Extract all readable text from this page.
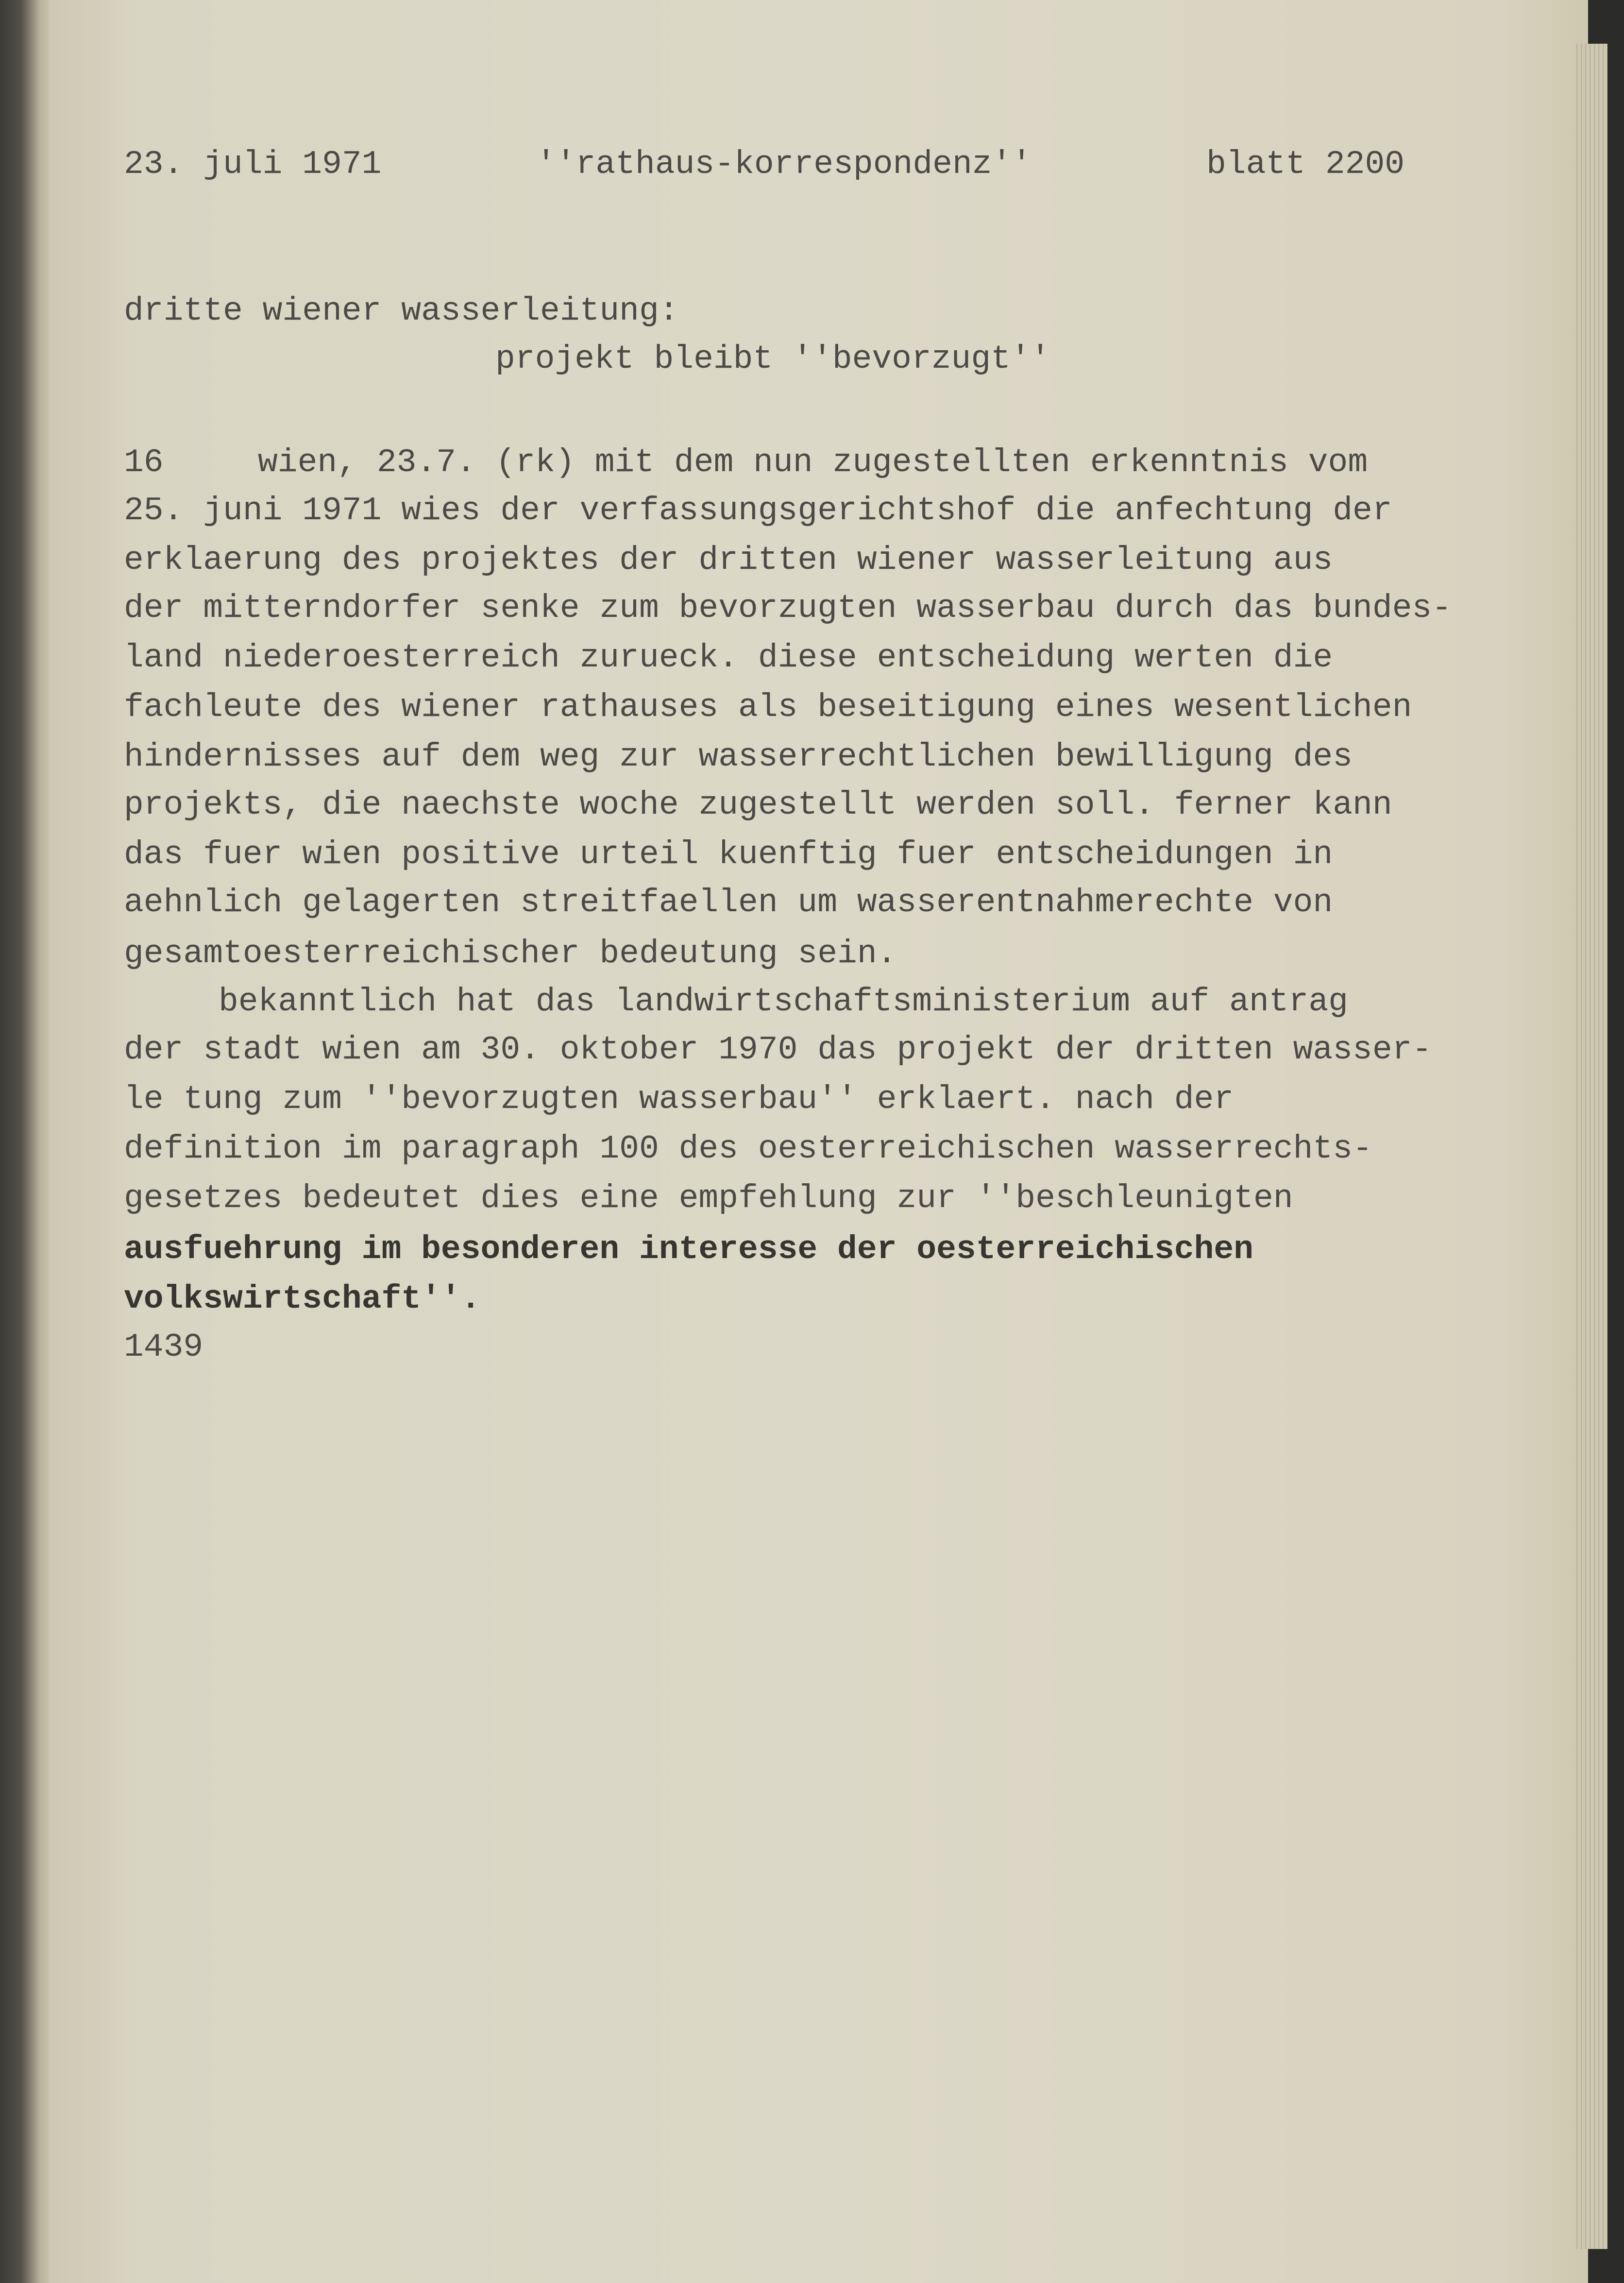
23. juli 1971	''rathaus-korrespondenz''	blatt 2200
dritte wiener wasserleitung:
projekt bleibt ''bevorzugt''
16
1439
wien, 23.7. (rk) mit dem nun zugestellten erkenntnis vom
25. juni 1971 wies der verfassungsgerichtshof die anfechtung der
erklaerung des projektes der dritten wiener wasserleitung aus
der mitterndorfer senke zum bevorzugten wasserbau durch das bundes-
land niederoesterreich zurueck. diese entscheidung werten die
fachleute des wiener rathauses als beseitigung eines wesentlichen
hindernisses auf dem weg zur wasserrechtlichen bewilligung des
projekts, die naechste woche zugestellt werden soll. ferner kann
das fuer wien positive urteil kuenftig fuer entscheidungen in
aehnlich gelagerten streitfaellen um wasserentnahmerechte von
gesamtoesterreichischer bedeutung sein.
bekanntlich hat das landwirtschaftsministerium auf antrag
der stadt wien am 30. oktober 1970 das projekt der dritten wasser-
le tung zum ''bevorzugten wasserbau'' erklaert. nach der
definition im paragraph 100 des oesterreichischen wasserrechts-
gesetzes bedeutet dies eine empfehlung zur ''beschleunigten
ausfuehrung im besonderen interesse der oesterreichischen
volkswirtschaft''.
